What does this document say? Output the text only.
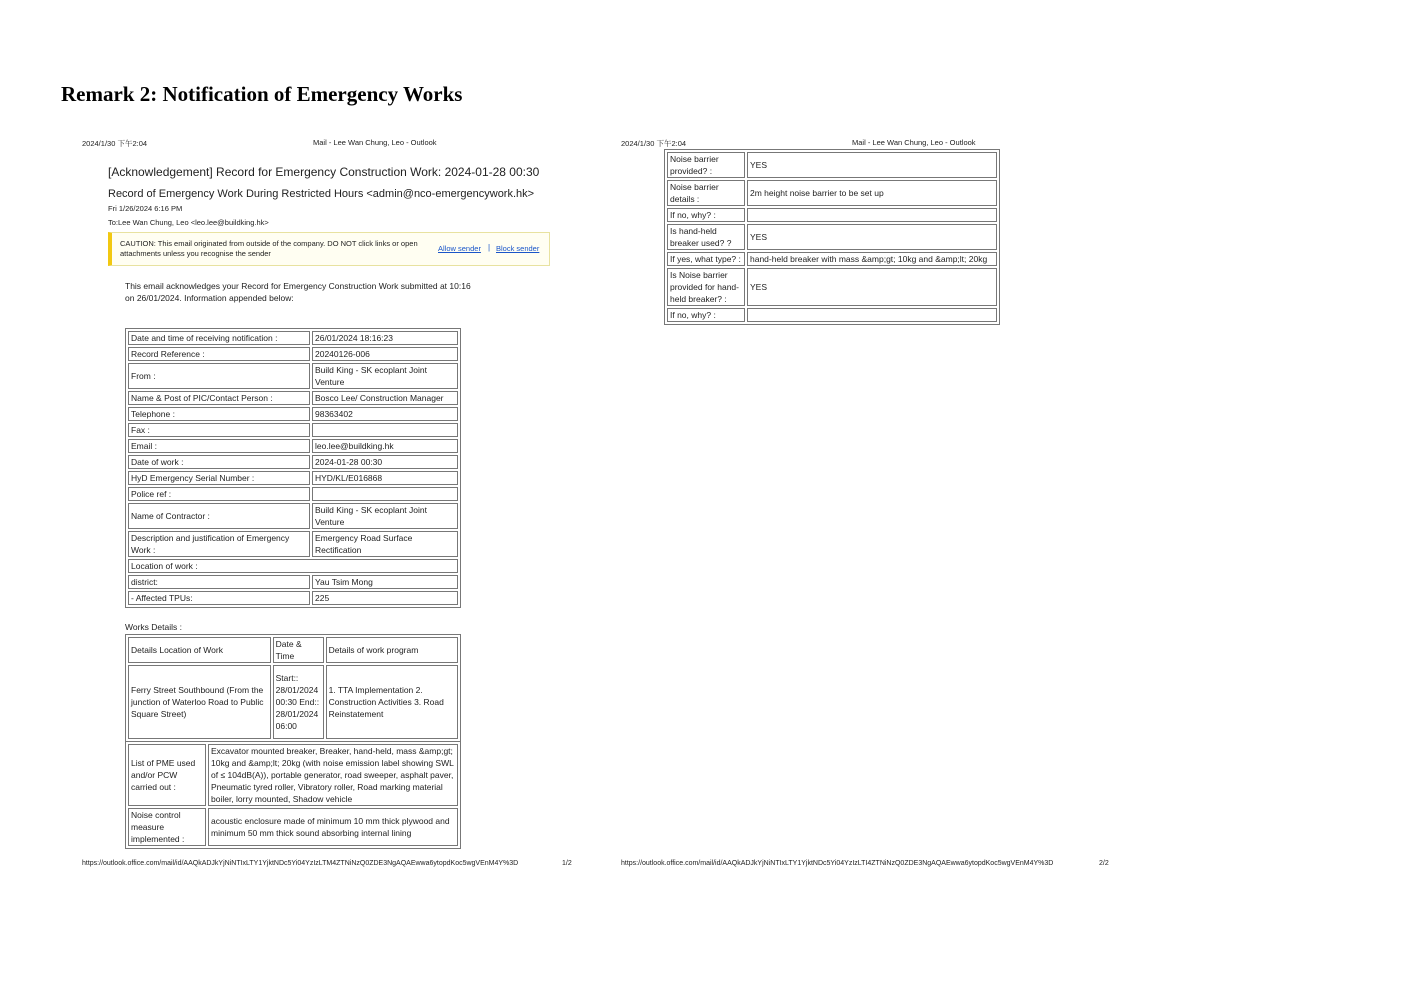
Remark 2: Notification of Emergency Works
2024/1/30 下午2:04	Mail - Lee Wan Chung, Leo - Outlook
[Acknowledgement] Record for Emergency Construction Work: 2024-01-28 00:30
Record of Emergency Work During Restricted Hours <admin@nco-emergencywork.hk>
Fri 1/26/2024 6:16 PM
To:Lee Wan Chung, Leo <leo.lee@buildking.hk>
CAUTION: This email originated from outside of the company. DO NOT click links or open attachments unless you recognise the sender
Allow sender | Block sender
This email acknowledges your Record for Emergency Construction Work submitted at 10:16 on 26/01/2024. Information appended below:
Date and time of receiving notification :	26/01/2024 18:16:23
Record Reference :	20240126-006
From :	Build King - SK ecoplant Joint Venture
Name & Post of PIC/Contact Person :	Bosco Lee/ Construction Manager
Telephone :	98363402
Fax :	
Email :	leo.lee@buildking.hk
Date of work :	2024-01-28 00:30
HyD Emergency Serial Number :	HYD/KL/E016868
Police ref :	
Name of Contractor :	Build King - SK ecoplant Joint Venture
Description and justification of Emergency Work :	Emergency Road Surface Rectification
Location of work :	
district:	Yau Tsim Mong
- Affected TPUs:	225
Works Details :
Details Location of Work	Date & Time	Details of work program
Ferry Street Southbound (From the junction of Waterloo Road to Public Square Street)	Start:: 28/01/2024 00:30 End:: 28/01/2024 06:00	1. TTA Implementation 2. Construction Activities 3. Road Reinstatement
List of PME used and/or PCW carried out :	Excavator mounted breaker, Breaker, hand-held, mass &amp;gt; 10kg and &amp;lt; 20kg (with noise emission label showing SWL of ≤ 104dB(A)), portable generator, road sweeper, asphalt paver, Pneumatic tyred roller, Vibratory roller, Road marking material boiler, lorry mounted, Shadow vehicle
Noise control measure implemented :	acoustic enclosure made of minimum 10 mm thick plywood and minimum 50 mm thick sound absorbing internal lining
https://outlook.office.com/mail/id/AAQkADJkYjNiNTIxLTY1YjktNDc5Yi04YzIzLTM4ZTNiNzQ0ZDE3NgAQAEwwa6ytopdKoc5wgVEnM4Y%3D	1/2
2024/1/30 下午2:04	Mail - Lee Wan Chung, Leo - Outlook
Noise barrier provided? :	YES
Noise barrier details :	2m height noise barrier to be set up
If no, why? :	
Is hand-held breaker used? ?	YES
If yes, what type? :	hand-held breaker with mass &amp;gt; 10kg and &amp;lt; 20kg
Is Noise barrier provided for hand-held breaker? :	YES
If no, why? :	
https://outlook.office.com/mail/id/AAQkADJkYjNiNTIxLTY1YjktNDc5Yi04YzIzLTI4ZTNiNzQ0ZDE3NgAQAEwwa6ytopdKoc5wgVEnM4Y%3D	2/2
